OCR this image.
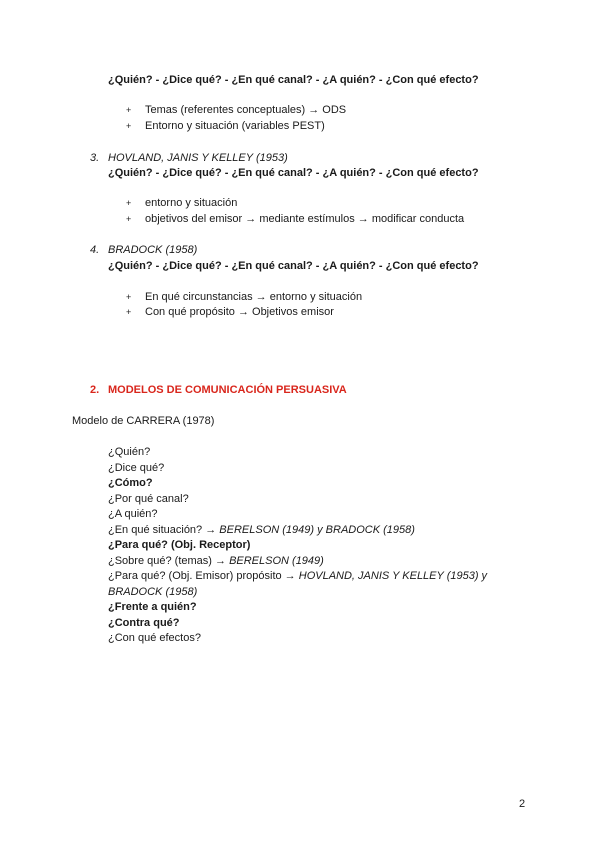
¿Quién? - ¿Dice qué? - ¿En qué canal? - ¿A quién? - ¿Con qué efecto?
+ Temas (referentes conceptuales) → ODS
+ Entorno y situación (variables PEST)
3. HOVLAND, JANIS Y KELLEY (1953)
¿Quién? - ¿Dice qué? - ¿En qué canal? - ¿A quién? - ¿Con qué efecto?
+ entorno y situación
+ objetivos del emisor → mediante estímulos → modificar conducta
4. BRADOCK (1958)
¿Quién? - ¿Dice qué? - ¿En qué canal? - ¿A quién? - ¿Con qué efecto?
+ En qué circunstancias → entorno y situación
+ Con qué propósito → Objetivos emisor
2. MODELOS DE COMUNICACIÓN PERSUASIVA
Modelo de CARRERA (1978)
¿Quién?
¿Dice qué?
¿Cómo?
¿Por qué canal?
¿A quién?
¿En qué situación? → BERELSON (1949) y BRADOCK (1958)
¿Para qué? (Obj. Receptor)
¿Sobre qué? (temas) → BERELSON (1949)
¿Para qué? (Obj. Emisor) propósito → HOVLAND, JANIS Y KELLEY (1953) y
BRADOCK (1958)
¿Frente a quién?
¿Contra qué?
¿Con qué efectos?
2
